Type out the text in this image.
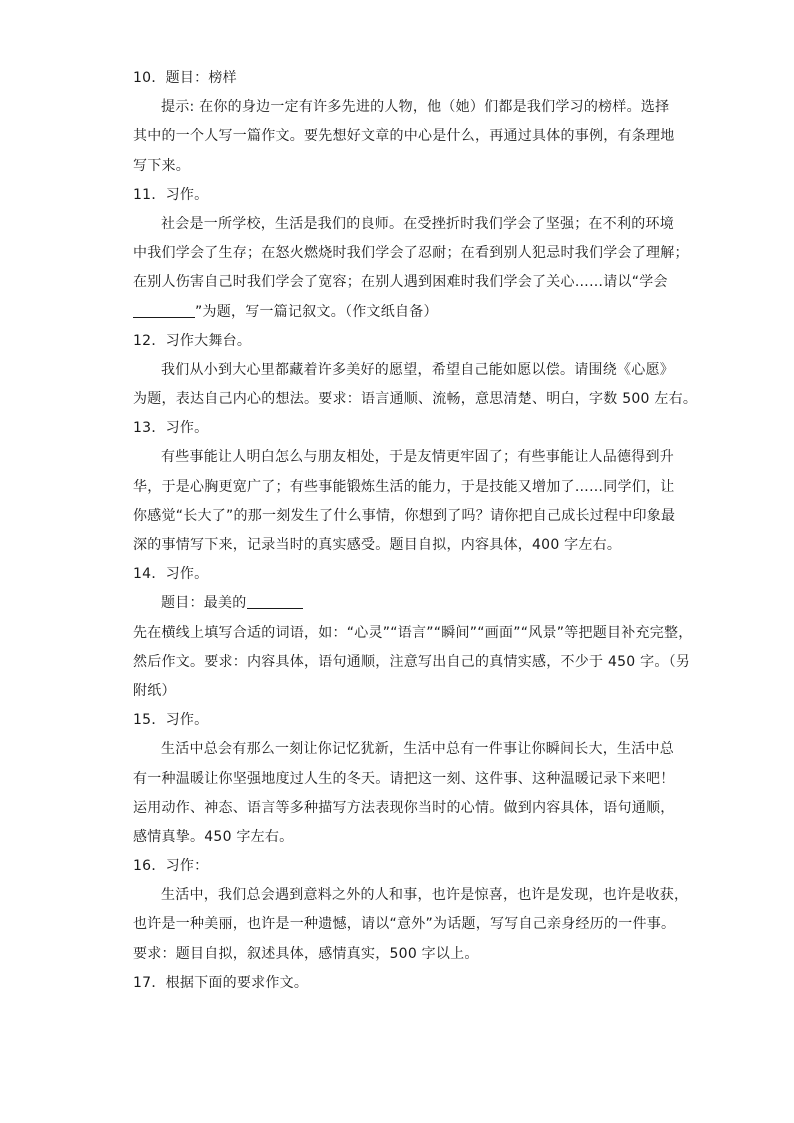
10．题目：榜样
提示: 在你的身边一定有许多先进的人物，他（她）们都是我们学习的榜样。选择
其中的一个人写一篇作文。要先想好文章的中心是什么，再通过具体的事例，有条理地
写下来。
11．习作。
社会是一所学校，生活是我们的良师。在受挫折时我们学会了坚强；在不利的环境
中我们学会了生存；在怒火燃烧时我们学会了忍耐；在看到别人犯忌时我们学会了理解；
在别人伤害自己时我们学会了宽容；在别人遇到困难时我们学会了关心……请以“学会
”为题，写一篇记叙文。（作文纸自备）
12．习作大舞台。
我们从小到大心里都藏着许多美好的愿望，希望自己能如愿以偿。请围绕《心愿》
为题，表达自己内心的想法。要求：语言通顺、流畅，意思清楚、明白，字数 500 左右。
13．习作。
有些事能让人明白怎么与朋友相处，于是友情更牢固了；有些事能让人品德得到升
华，于是心胸更宽广了；有些事能锻炼生活的能力，于是技能又增加了……同学们，让
你感觉“长大了”的那一刻发生了什么事情，你想到了吗？请你把自己成长过程中印象最
深的事情写下来，记录当时的真实感受。题目自拟，内容具体，400 字左右。
14．习作。
题目：最美的
先在横线上填写合适的词语，如：“心灵”“语言”“瞬间”“画面”“风景”等把题目补充完整，
然后作文。要求：内容具体，语句通顺，注意写出自己的真情实感，不少于 450 字。（另
附纸）
15．习作。
生活中总会有那么一刻让你记忆犹新，生活中总有一件事让你瞬间长大，生活中总
有一种温暖让你坚强地度过人生的冬天。请把这一刻、这件事、这种温暖记录下来吧！
运用动作、神态、语言等多种描写方法表现你当时的心情。做到内容具体，语句通顺，
感情真挚。450 字左右。
16．习作：
生活中，我们总会遇到意料之外的人和事，也许是惊喜，也许是发现，也许是收获，
也许是一种美丽，也许是一种遗憾，请以“意外”为话题，写写自己亲身经历的一件事。
要求：题目自拟，叙述具体，感情真实，500 字以上。
17．根据下面的要求作文。
